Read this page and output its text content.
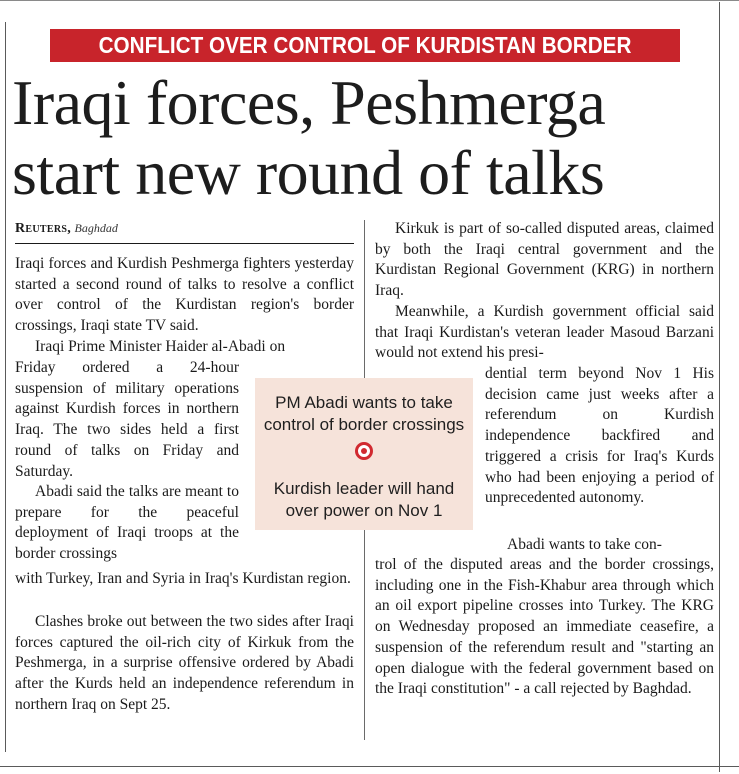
CONFLICT OVER CONTROL OF KURDISTAN BORDER
Iraqi forces, Peshmerga
start new round of talks
Reuters, Baghdad

Iraqi forces and Kurdish Peshmerga fighters yesterday started a second round of talks to resolve a conflict over control of the Kurdistan region's border crossings, Iraqi state TV said.

Iraqi Prime Minister Haider al-Abadi on

Friday ordered a 24-hour suspension of military operations against Kurdish forces in northern Iraq. The two sides held a first round of talks on Friday and Saturday.

Abadi said the talks are meant to prepare for the peaceful deployment of Iraqi troops at the border crossings

with Turkey, Iran and Syria in Iraq's Kurdistan region.

Clashes broke out between the two sides after Iraqi forces captured the oil-rich city of Kirkuk from the Peshmerga, in a surprise offensive ordered by Abadi after the Kurds held an independence referendum in northern Iraq on Sept 25.

PM Abadi wants to take control of border crossings
Kurdish leader will hand over power on Nov 1

Kirkuk is part of so-called disputed areas, claimed by both the Iraqi central government and the Kurdistan Regional Government (KRG) in northern Iraq.

Meanwhile, a Kurdish government official said that Iraqi Kurdistan's veteran leader Masoud Barzani would not extend his presi-

dential term beyond Nov 1 His decision came just weeks after a referendum on Kurdish independence backfired and triggered a crisis for Iraq's Kurds who had been enjoying a period of unprecedented autonomy.

Abadi wants to take con-

trol of the disputed areas and the border crossings, including one in the Fish-Khabur area through which an oil export pipeline crosses into Turkey. The KRG on Wednesday proposed an immediate ceasefire, a suspension of the referendum result and "starting an open dialogue with the federal government based on the Iraqi constitution" - a call rejected by Baghdad.
